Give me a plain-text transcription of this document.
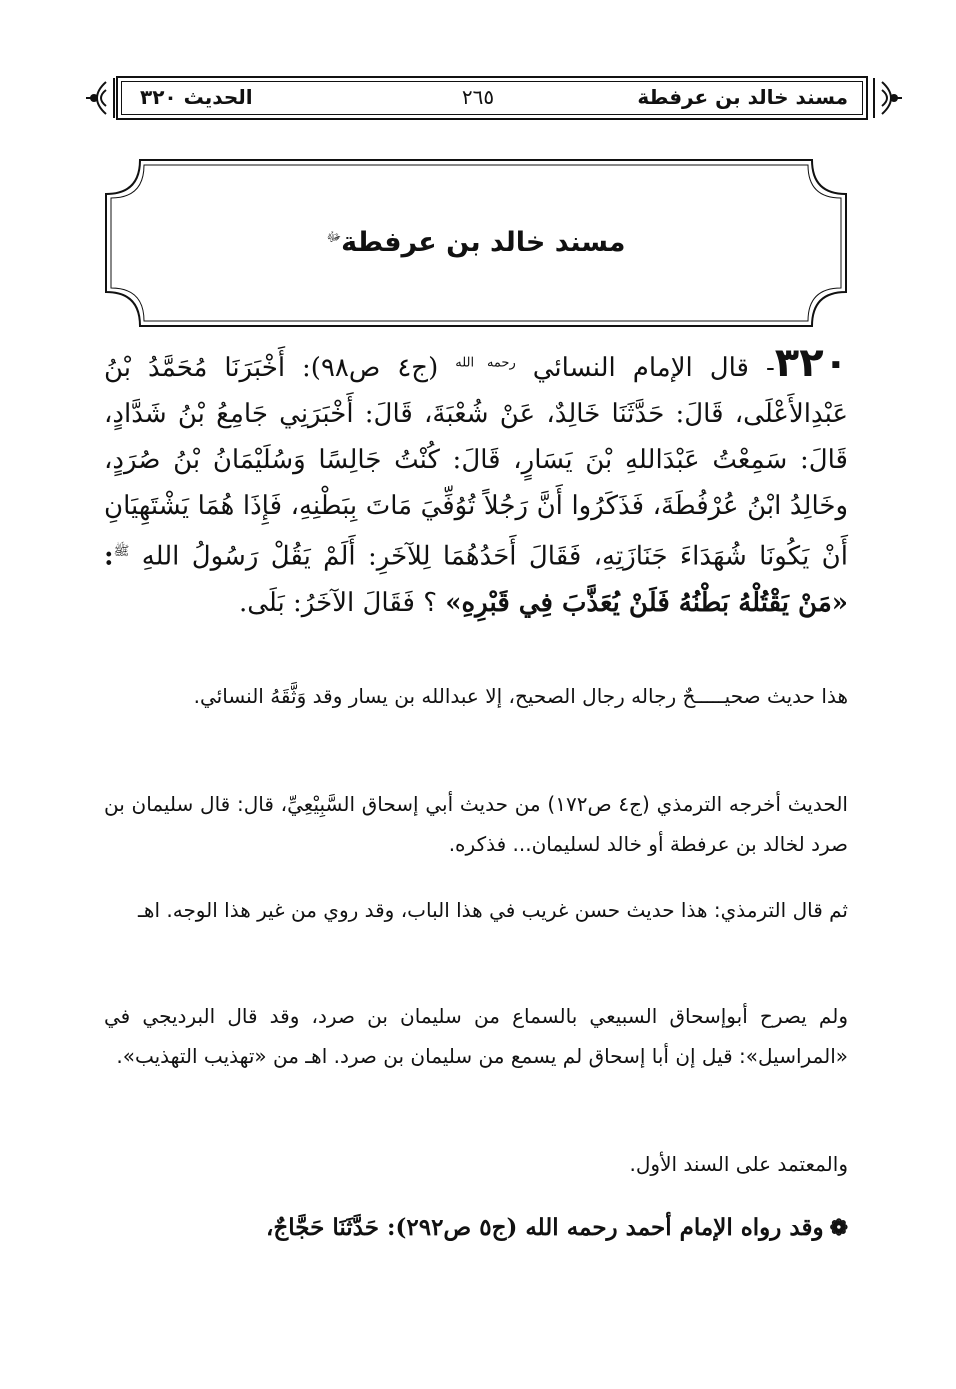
الحديث ٣٢٠	٢٦٥	مسند خالد بن عرفطة
مسند خالد بن عرفطة$^ﷻ$
٣٢٠- قال الإمام النسائي $^{رحمه الله}$ (ج٤ ص٩٨): أَخْبَرَنَا مُحَمَّدُ بْنُ عَبْدِالأَعْلَى، قَالَ: حَدَّثَنَا خَالِدٌ، عَنْ شُعْبَةَ، قَالَ: أَخْبَرَنِي جَامِعُ بْنُ شَدَّادٍ، قَالَ: سَمِعْتُ عَبْدَاللهِ بْنَ يَسَارٍ، قَالَ: كُنْتُ جَالِسًا وَسُلَيْمَانُ بْنُ صُرَدٍ، وخَالِدُ ابْنُ عُرْفُطَةَ، فَذَكَرُوا أَنَّ رَجُلاً تُوُفِّيَ مَاتَ بِبَطْنِهِ، فَإِذَا هُمَا يَشْتَهِيَانِ أَنْ يَكُونَا شُهَدَاءَ جَنَازَتِهِ، فَقَالَ أَحَدُهُمَا لِلآخَرِ: أَلَمْ يَقُلْ رَسُولُ اللهِ $^ﷺ$: «مَنْ يَقْتُلْهُ بَطْنُهُ فَلَنْ يُعَذَّبَ فِي قَبْرِهِ» ؟ فَقَالَ الآخَرُ: بَلَى.
هذا حديث صحيـــــحٌ رجاله رجال الصحيح، إلا عبدالله بن يسار وقد وَثَّقَهُ النسائي.
الحديث أخرجه الترمذي (ج٤ ص١٧٢) من حديث أبي إسحاق السَّبِيْعِيِّ، قال: قال سليمان بن صرد لخالد بن عرفطة أو خالد لسليمان... فذكره.
ثم قال الترمذي: هذا حديث حسن غريب في هذا الباب، وقد روي من غير هذا الوجه. اهـ
ولم يصرح أبوإسحاق السبيعي بالسماع من سليمان بن صرد، وقد قال البرديجي في «المراسيل»: قيل إن أبا إسحاق لم يسمع من سليمان بن صرد. اهـ من «تهذيب التهذيب».
والمعتمد على السند الأول.
❁وقد رواه الإمام أحمد رحمه الله (ج٥ ص٢٩٢): حَدَّثَنَا حَجَّاجٌ،
